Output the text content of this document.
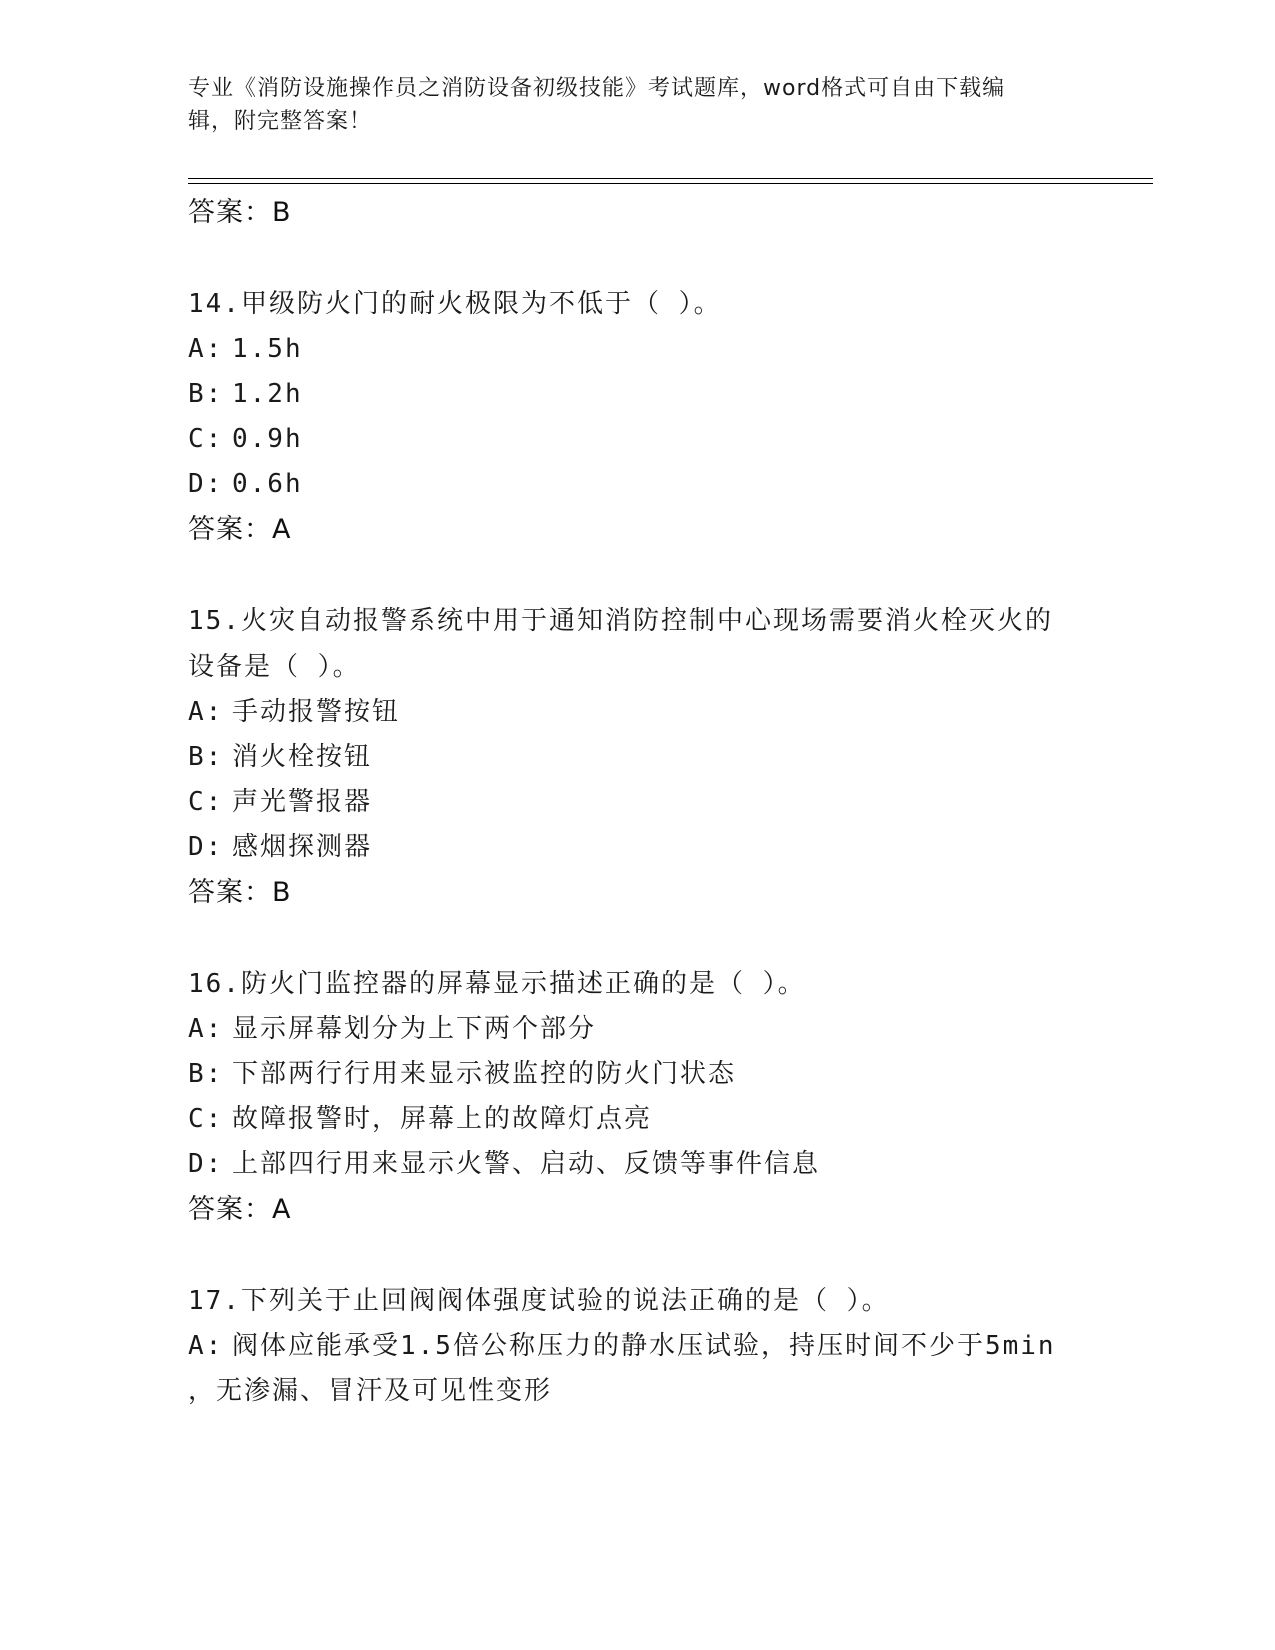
专业《消防设施操作员之消防设备初级技能》考试题库，word格式可自由下载编
辑，附完整答案！
答案：B
14.甲级防火门的耐火极限为不低于（ ）。
A: 1.5h
B: 1.2h
C: 0.9h
D: 0.6h
答案：A
15.火灾自动报警系统中用于通知消防控制中心现场需要消火栓灭火的
设备是（ ）。
A: 手动报警按钮
B: 消火栓按钮
C: 声光警报器
D: 感烟探测器
答案：B
16.防火门监控器的屏幕显示描述正确的是（ ）。
A: 显示屏幕划分为上下两个部分
B: 下部两行行用来显示被监控的防火门状态
C: 故障报警时，屏幕上的故障灯点亮
D: 上部四行用来显示火警、启动、反馈等事件信息
答案：A
17.下列关于止回阀阀体强度试验的说法正确的是（ ）。
A: 阀体应能承受1.5倍公称压力的静水压试验，持压时间不少于5min
，无渗漏、冒汗及可见性变形
